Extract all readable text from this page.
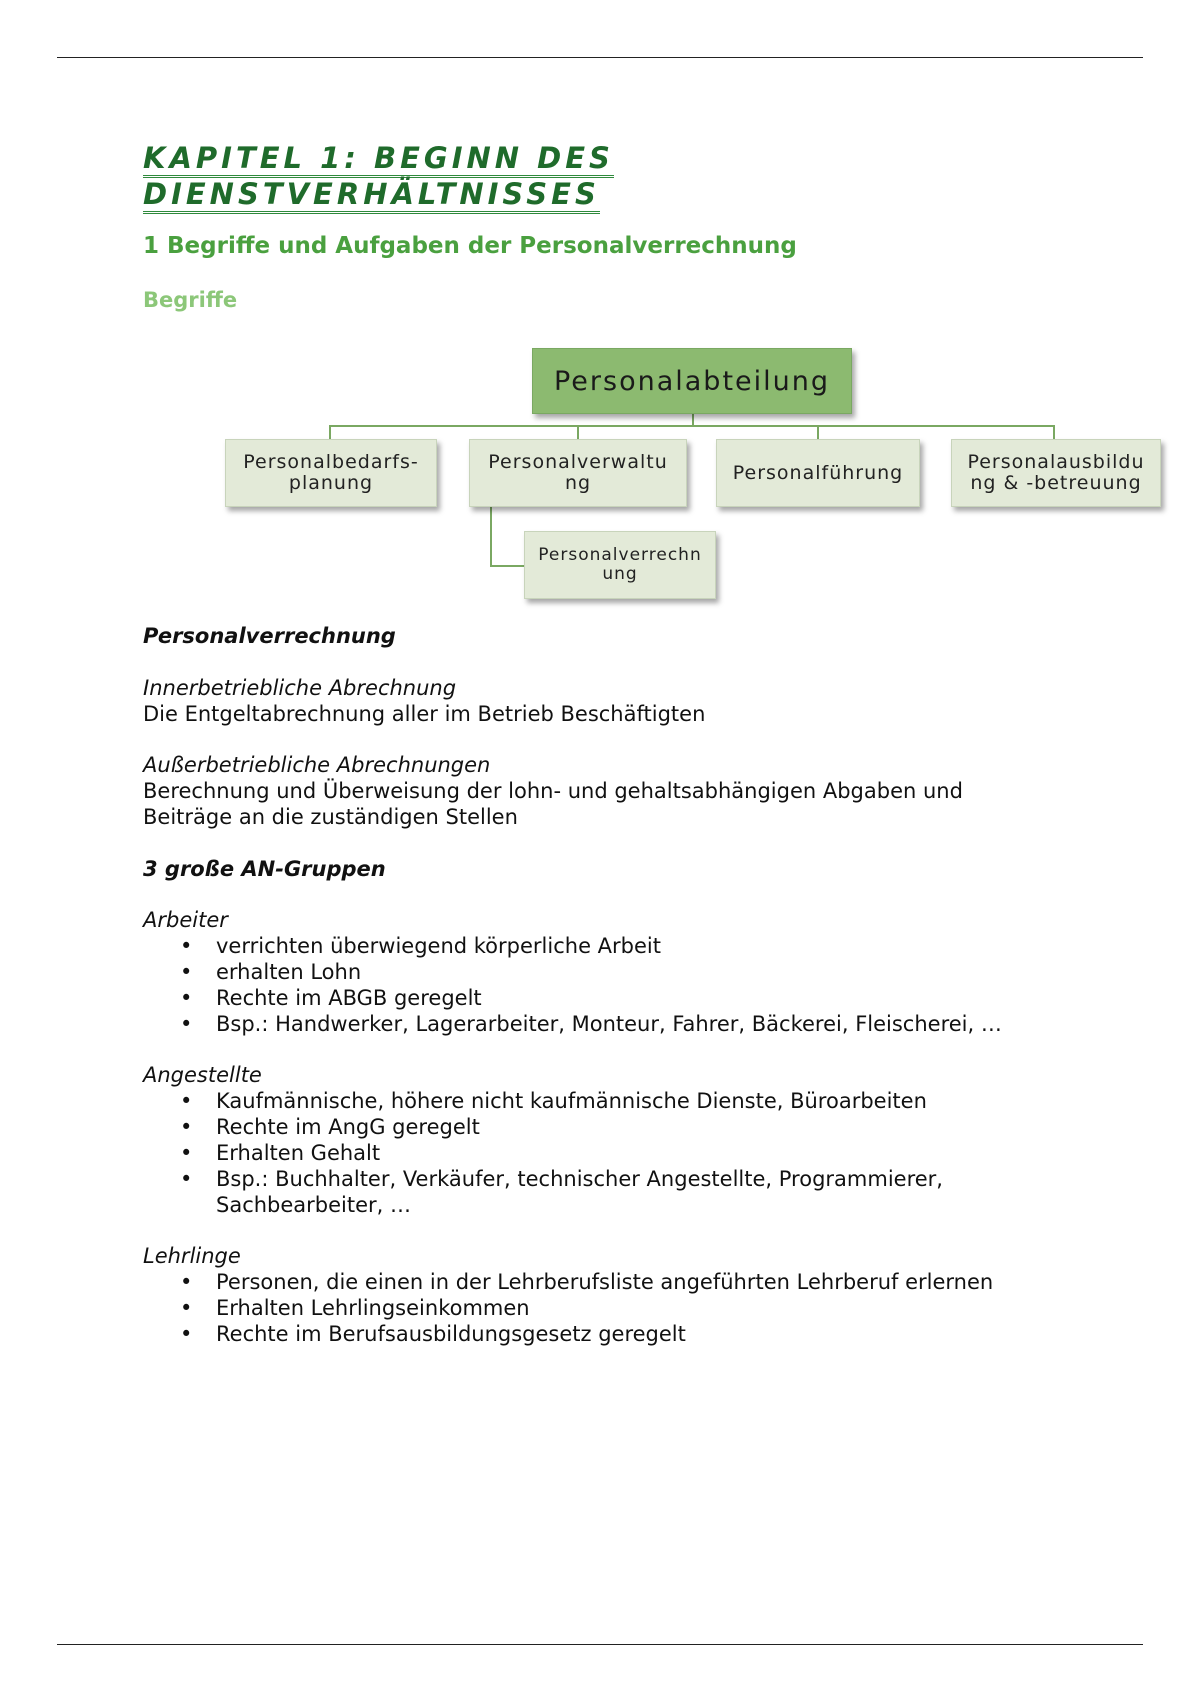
KAPITEL 1: BEGINN DES
DIENSTVERHÄLTNISSES
1 Begriffe und Aufgaben der Personalverrechnung
Begriffe
Personalabteilung
Personalbedarfs-
planung
Personalverwaltu
ng	Personalführung	Personalausbildu
ng & -betreuung
Personalverrechn
ung

Personalverrechnung

Innerbetriebliche Abrechnung

Die Entgeltabrechnung aller im Betrieb Beschäftigten

Außerbetriebliche Abrechnungen

Berechnung und Überweisung der lohn- und gehaltsabhängigen Abgaben und Beiträge an die zuständigen Stellen

3 große AN-Gruppen

Arbeiter

• verrichten überwiegend körperliche Arbeit
• erhalten Lohn
• Rechte im ABGB geregelt
• Bsp.: Handwerker, Lagerarbeiter, Monteur, Fahrer, Bäckerei, Fleischerei, …

Angestellte

• Kaufmännische, höhere nicht kaufmännische Dienste, Büroarbeiten
• Rechte im AngG geregelt
• Erhalten Gehalt
• Bsp.: Buchhalter, Verkäufer, technischer Angestellte, Programmierer, Sachbearbeiter, …

Lehrlinge

• Personen, die einen in der Lehrberufsliste angeführten Lehrberuf erlernen
• Erhalten Lehrlingseinkommen
• Rechte im Berufsausbildungsgesetz geregelt
